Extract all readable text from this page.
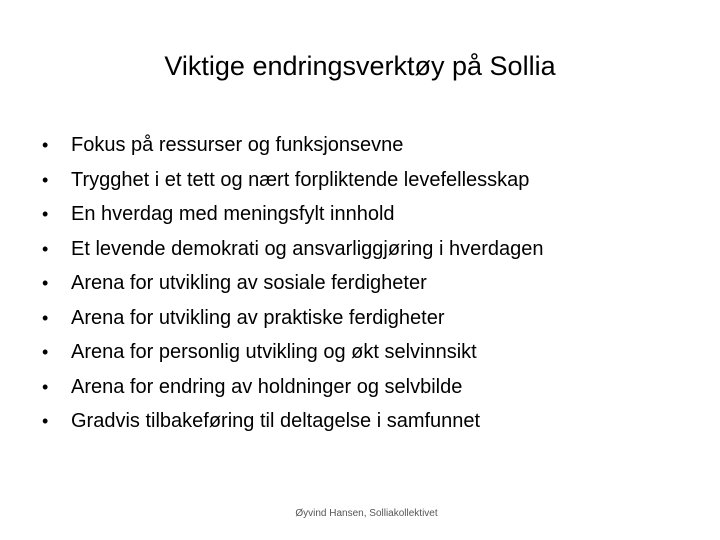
Viktige endringsverktøy på Sollia
• Fokus på ressurser og funksjonsevne
• Trygghet i et tett og nært forpliktende levefellesskap
• En hverdag med meningsfylt innhold
• Et levende demokrati og ansvarliggjøring i hverdagen
• Arena for utvikling av sosiale ferdigheter
• Arena for utvikling av praktiske ferdigheter
• Arena for personlig utvikling og økt selvinnsikt
• Arena for endring av holdninger og selvbilde
• Gradvis tilbakeføring til deltagelse i samfunnet
Øyvind Hansen, Solliakollektivet
